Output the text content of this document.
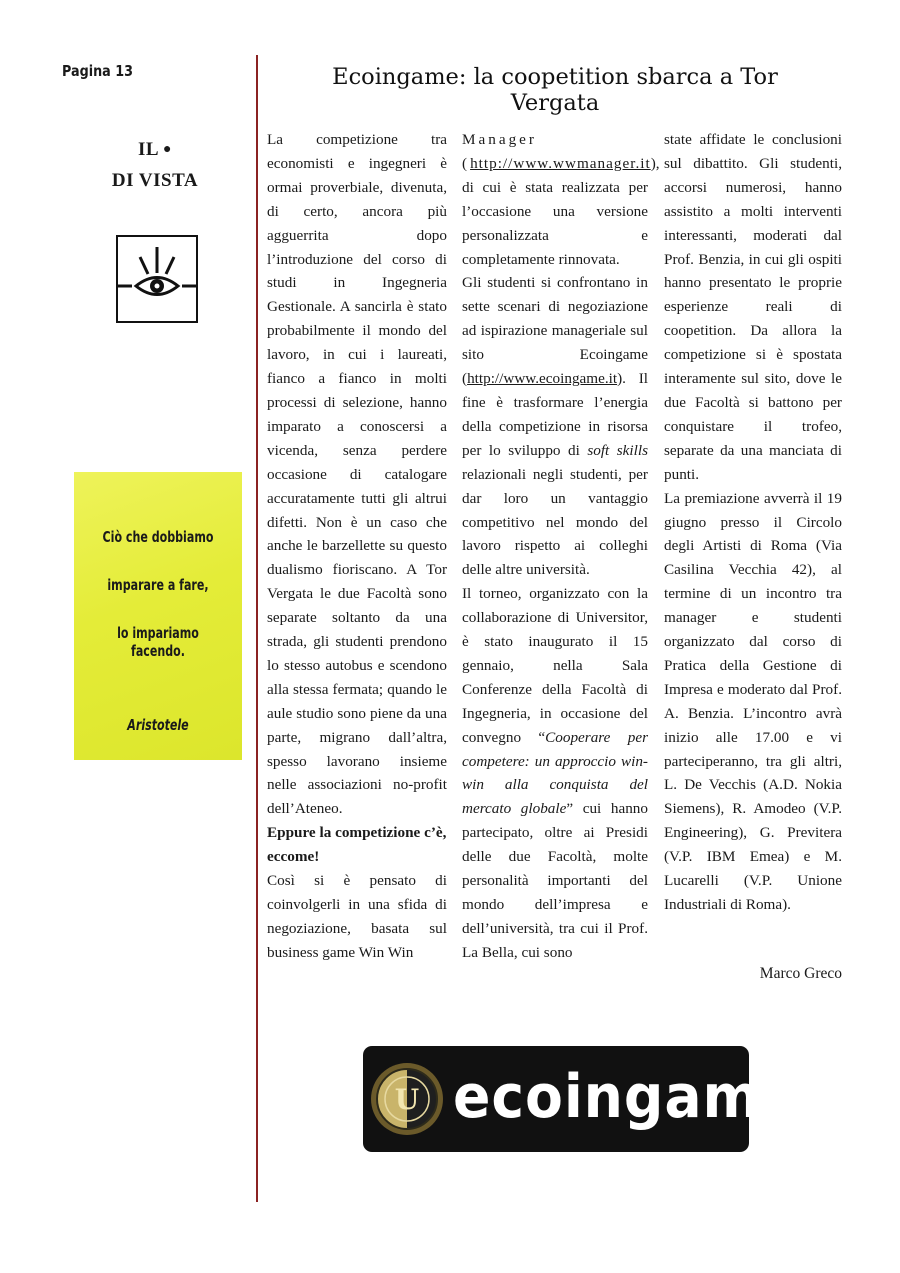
Pagina 13	Ecoingame: la coopetition sbarca a Tor Vergata
IL ●
DI VISTA
Ciò che dobbiamo
imparare a fare,
lo impariamo facendo.
Aristotele

La competizione tra economisti e ingegneri è ormai proverbiale, divenuta, di certo, ancora più agguerrita dopo l’introduzione del corso di studi in Ingegneria Gestionale. A sancirla è stato probabilmente il mondo del lavoro, in cui i laureati, fianco a fianco in molti processi di selezione, hanno imparato a conoscersi a vicenda, senza perdere occasione di catalogare accuratamente tutti gli altrui difetti. Non è un caso che anche le barzellette su questo dualismo fioriscano. A Tor Vergata le due Facoltà sono separate soltanto da una strada, gli studenti prendono lo stesso autobus e scendono alla stessa fermata; quando le aule studio sono piene da una parte, migrano dall’altra, spesso lavorano insieme nelle associazioni no-profit dell’Ateneo.

Eppure la competizione c’è, eccome!

Così si è pensato di coinvolgerli in una sfida di negoziazione, basata sul business game Win Win

Manager (http://www.wwmanager.it), di cui è stata realizzata per l’occasione una versione personalizzata e completamente rinnovata.

Gli studenti si confrontano in sette scenari di negoziazione ad ispirazione manageriale sul sito Ecoingame (http://www.ecoingame.it). Il fine è trasformare l’energia della competizione in risorsa per lo sviluppo di soft skills relazionali negli studenti, per dar loro un vantaggio competitivo nel mondo del lavoro rispetto ai colleghi delle altre università.

Il torneo, organizzato con la collaborazione di Universitor, è stato inaugurato il 15 gennaio, nella Sala Conferenze della Facoltà di Ingegneria, in occasione del convegno “Cooperare per competere: un approccio win-win alla conquista del mercato globale” cui hanno partecipato, oltre ai Presidi delle due Facoltà, molte personalità importanti del mondo dell’impresa e dell’università, tra cui il Prof. La Bella, cui sono

state affidate le conclusioni sul dibattito. Gli studenti, accorsi numerosi, hanno assistito a molti interventi interessanti, moderati dal Prof. Benzia, in cui gli ospiti hanno presentato le proprie esperienze reali di coopetition. Da allora la competizione si è spostata interamente sul sito, dove le due Facoltà si battono per conquistare il trofeo, separate da una manciata di punti.

La premiazione avverrà il 19 giugno presso il Circolo degli Artisti di Roma (Via Casilina Vecchia 42), al termine di un incontro tra manager e studenti organizzato dal corso di Pratica della Gestione di Impresa e moderato dal Prof. A. Benzia. L’incontro avrà inizio alle 17.00 e vi parteciperanno, tra gli altri, L. De Vecchis (A.D. Nokia Siemens), R. Amodeo (V.P. Engineering), G. Previtera (V.P. IBM Emea) e M. Lucarelli (V.P. Unione Industriali di Roma).

Marco Greco
U ecoingame
